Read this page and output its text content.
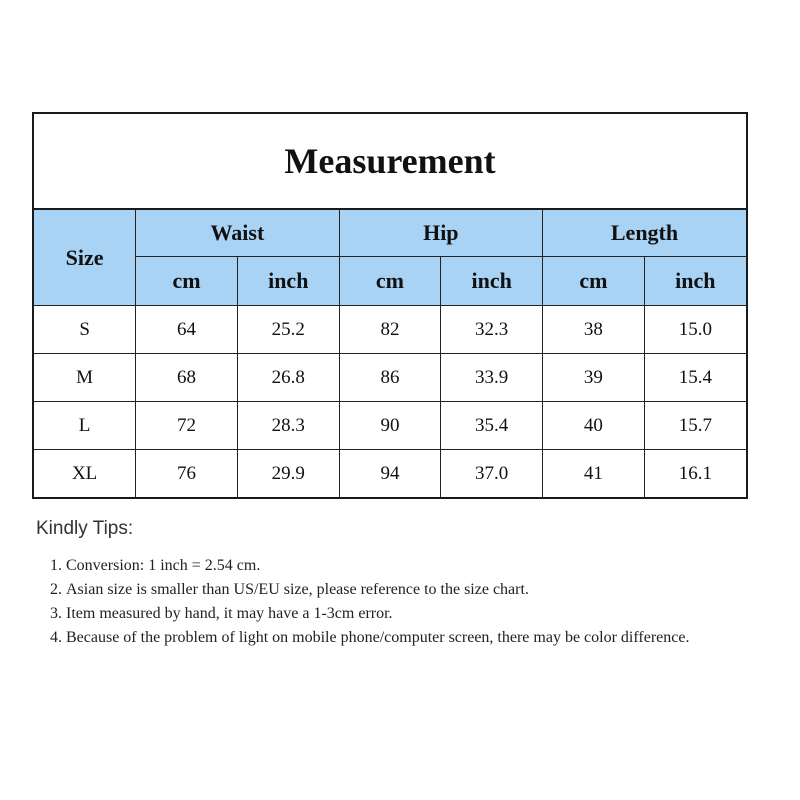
Measurement
Size	Waist		Hip		Length	
	cm	inch	cm	inch	cm	inch
S	64	25.2	82	32.3	38	15.0
M	68	26.8	86	33.9	39	15.4
L	72	28.3	90	35.4	40	15.7
XL	76	29.9	94	37.0	41	16.1
Kindly Tips:
1. Conversion: 1 inch = 2.54 cm.
2. Asian size is smaller than US/EU size, please reference to the size chart.
3. Item measured by hand, it may have a 1-3cm error.
4. Because of the problem of light on mobile phone/computer screen, there may be color difference.
